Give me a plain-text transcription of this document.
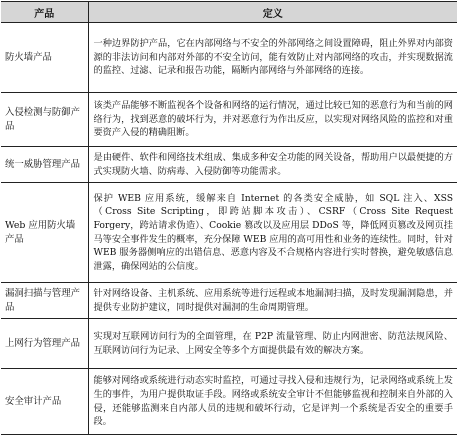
产品	定义
防火墙产品	一种边界防护产品，它在内部网络与不安全的外部网络之间设置障碍，阻止外界对内部资源的非法访问和内部对外部的不安全访问，能有效防止对内部网络的攻击，并实现数据流的监控、过滤、记录和报告功能，隔断内部网络与外部网络的连接。
入侵检测与防御产品	该类产品能够不断监视各个设备和网络的运行情况，通过比较已知的恶意行为和当前的网络行为，找到恶意的破坏行为，并对恶意行为作出反应，以实现对网络风险的监控和对重要资产入侵的精确阻断。
统一威胁管理产品	是由硬件、软件和网络技术组成、集成多种安全功能的网关设备，帮助用户以最便捷的方式实现防火墙、防病毒、入侵防御等功能需求。
Web 应用防火墙产品	保护 WEB 应用系统，缓解来自 Internet 的各类安全威胁，如 SQL 注入、XSS（Cross Site Scripting，即跨站脚本攻击）、CSRF（Cross Site Request Forgery，跨站请求伪造）、Cookie 篡改以及应用层 DDoS 等，降低网页篡改及网页挂马等安全事件发生的概率，充分保障 WEB 应用的高可用性和业务的连续性。同时，针对 WEB 服务器侧响应的出错信息、恶意内容及不合规格内容进行实时替换，避免敏感信息泄露，确保网站的公信度。
漏洞扫描与管理产品	针对网络设备、主机系统、应用系统等进行远程或本地漏洞扫描，及时发现漏洞隐患，并提供专业防护建议，同时提供对漏洞的生命周期管理。
上网行为管理产品	实现对互联网访问行为的全面管理，在 P2P 流量管理、防止内网泄密、防范法规风险、互联网访问行为记录、上网安全等多个方面提供最有效的解决方案。
安全审计产品	能够对网络或系统进行动态实时监控，可通过寻找入侵和违规行为，记录网络或系统上发生的事件，为用户提供取证手段。网络或系统安全审计不但能够监视和控制来自外部的入侵，还能够监测来自内部人员的违规和破坏行动，它是评判一个系统是否安全的重要手段。
